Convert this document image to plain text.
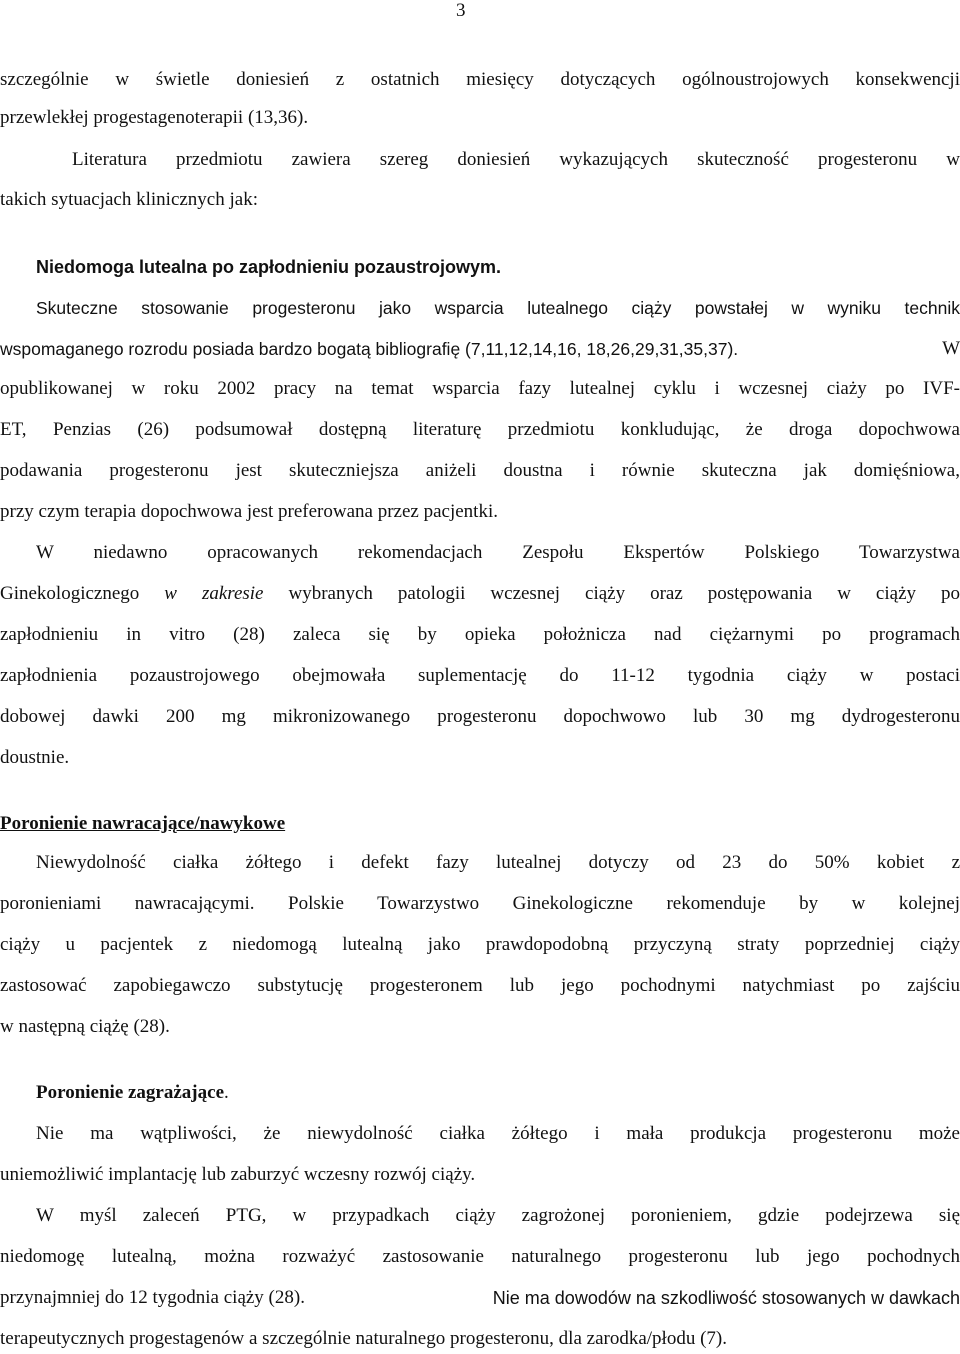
3
szczególnie w świetle doniesień z ostatnich miesięcy dotyczących ogólnoustrojowych konsekwencji
przewlekłej progestagenoterapii (13,36).
Literatura przedmiotu zawiera szereg doniesień wykazujących skuteczność progesteronu w
takich sytuacjach klinicznych jak:
Niedomoga lutealna po zapłodnieniu pozaustrojowym.
Skuteczne stosowanie progesteronu jako wsparcia lutealnego ciąży powstałej w wyniku technik
wspomaganego rozrodu posiada bardzo bogatą bibliografię (7,11,12,14,16, 18,26,29,31,35,37).	W
opublikowanej w roku 2002 pracy na temat wsparcia fazy lutealnej cyklu i wczesnej ciaży po IVF-
ET, Penzias (26) podsumował dostępną literaturę przedmiotu konkludując, że droga dopochwowa
podawania progesteronu jest skuteczniejsza aniżeli doustna i równie skuteczna jak domięśniowa,
przy czym terapia dopochwowa jest preferowana przez pacjentki.
W niedawno opracowanych rekomendacjach Zespołu Ekspertów Polskiego Towarzystwa
Ginekologicznego w zakresie wybranych patologii wczesnej ciąży oraz postępowania w ciąży po
zapłodnieniu in vitro (28) zaleca się by opieka położnicza nad ciężarnymi po programach
zapłodnienia pozaustrojowego obejmowała suplementację do 11-12 tygodnia ciąży w postaci
dobowej dawki 200 mg mikronizowanego progesteronu dopochwowo lub 30 mg dydrogesteronu
doustnie.
Poronienie nawracające/nawykowe
Niewydolność ciałka żółtego i defekt fazy lutealnej dotyczy od 23 do 50% kobiet z
poronieniami nawracającymi. Polskie Towarzystwo Ginekologiczne rekomenduje by w kolejnej
ciąży u pacjentek z niedomogą lutealną jako prawdopodobną przyczyną straty poprzedniej ciąży
zastosować zapobiegawczo substytucję progesteronem lub jego pochodnymi natychmiast po zajściu
w następną ciążę (28).
Poronienie zagrażające.
Nie ma wątpliwości, że niewydolność ciałka żółtego i mała produkcja progesteronu może
uniemożliwić implantację lub zaburzyć wczesny rozwój ciąży.
W myśl zaleceń PTG, w przypadkach ciąży zagrożonej poronieniem, gdzie podejrzewa się
niedomogę lutealną, można rozważyć zastosowanie naturalnego progesteronu lub jego pochodnych
przynajmniej do 12 tygodnia ciąży (28).	Nie ma dowodów na szkodliwość stosowanych w dawkach
terapeutycznych progestagenów a szczególnie naturalnego progesteronu, dla zarodka/płodu (7).
